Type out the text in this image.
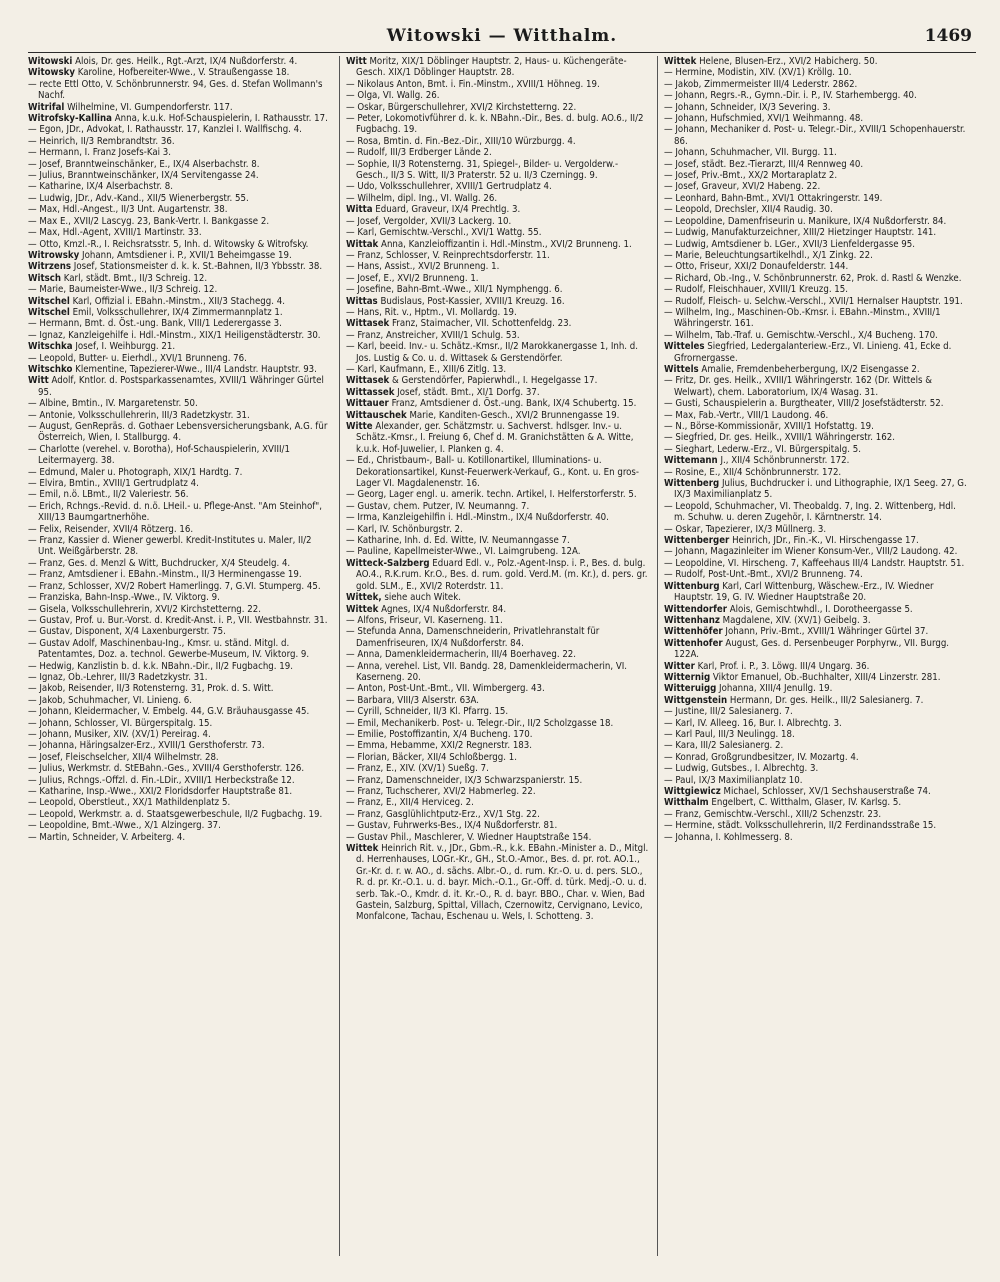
Witowski — Witthalm.	1469

Witowski Alois, Dr. ges. Heilk., Rgt.-Arzt, IX/4 Nußdorferstr. 4.

Witowsky Karoline, Hofbereiter-Wwe., V. Straußengasse 18.

— recte Ettl Otto, V. Schönbrunnerstr. 94, Ges. d. Stefan Wollmann's Nachf.

Witrifal Wilhelmine, VI. Gumpendorferstr. 117.

Witrofsky-Kallina Anna, k.u.k. Hof-Schauspielerin, I. Rathausstr. 17.

— Egon, JDr., Advokat, I. Rathausstr. 17, Kanzlei I. Wallfischg. 4.

— Heinrich, II/3 Rembrandtstr. 36.

— Hermann, I. Franz Josefs-Kai 3.

— Josef, Branntweinschänker, E., IX/4 Alserbachstr. 8.

— Julius, Branntweinschänker, IX/4 Servitengasse 24.

— Katharine, IX/4 Alserbachstr. 8.

— Ludwig, JDr., Adv.-Kand., XII/5 Wienerbergstr. 55.

— Max, Hdl.-Angest., II/3 Unt. Augartenstr. 38.

— Max E., XVII/2 Lascyg. 23, Bank-Vertr. I. Bankgasse 2.

— Max, Hdl.-Agent, XVIII/1 Martinstr. 33.

— Otto, Kmzl.-R., I. Reichsratsstr. 5, Inh. d. Witowsky & Witrofsky.

Witrowsky Johann, Amtsdiener i. P., XVII/1 Beheimgasse 19.

Witrzens Josef, Stationsmeister d. k. k. St.-Bahnen, II/3 Ybbsstr. 38.

Witsch Karl, städt. Bmt., II/3 Schreig. 12.

— Marie, Baumeister-Wwe., II/3 Schreig. 12.

Witschel Karl, Offizial i. EBahn.-Minstm., XII/3 Stachegg. 4.

Witschel Emil, Volksschullehrer, IX/4 Zimmermannplatz 1.

— Hermann, Bmt. d. Öst.-ung. Bank, VIII/1 Lederergasse 3.

— Ignaz, Kanzleigehilfe i. Hdl.-Minstm., XIX/1 Heiligenstädterstr. 30.

Witschka Josef, I. Weihburgg. 21.

— Leopold, Butter- u. Eierhdl., XVI/1 Brunneng. 76.

Witschko Klementine, Tapezierer-Wwe., III/4 Landstr. Hauptstr. 93.

Witt Adolf, Kntlor. d. Postsparkassenamtes, XVIII/1 Währinger Gürtel 95.

— Albine, Bmtin., IV. Margaretenstr. 50.

— Antonie, Volksschullehrerin, III/3 Radetzkystr. 31.

— August, GenRepräs. d. Gothaer Lebensversicherungsbank, A.G. für Österreich, Wien, I. Stallburgg. 4.

— Charlotte (verehel. v. Borotha), Hof-Schauspielerin, XVIII/1 Leitermayerg. 38.

— Edmund, Maler u. Photograph, XIX/1 Hardtg. 7.

— Elvira, Bmtin., XVIII/1 Gertrudplatz 4.

— Emil, n.ö. LBmt., II/2 Valeriestr. 56.

— Erich, Rchngs.-Revid. d. n.ö. LHeil.- u. Pflege-Anst. "Am Steinhof", XIII/13 Baumgartnerhöhe.

— Felix, Reisender, XVII/4 Rötzerg. 16.

— Franz, Kassier d. Wiener gewerbl. Kredit-Institutes u. Maler, II/2 Unt. Weißgärberstr. 28.

— Franz, Ges. d. Menzl & Witt, Buchdrucker, X/4 Steudelg. 4.

— Franz, Amtsdiener i. EBahn.-Minstm., II/3 Herminengasse 19.

— Franz, Schlosser, XV/2 Robert Hamerlingg. 7, G.VI. Stumperg. 45.

— Franziska, Bahn-Insp.-Wwe., IV. Viktorg. 9.

— Gisela, Volksschullehrerin, XVI/2 Kirchstetterng. 22.

— Gustav, Prof. u. Bur.-Vorst. d. Kredit-Anst. i. P., VII. Westbahnstr. 31.

— Gustav, Disponent, X/4 Laxenburgerstr. 75.

— Gustav Adolf, Maschinenbau-Ing., Kmsr. u. ständ. Mitgl. d. Patentamtes, Doz. a. technol. Gewerbe-Museum, IV. Viktorg. 9.

— Hedwig, Kanzlistin b. d. k.k. NBahn.-Dir., II/2 Fugbachg. 19.

— Ignaz, Ob.-Lehrer, III/3 Radetzkystr. 31.

— Jakob, Reisender, II/3 Rotensterng. 31, Prok. d. S. Witt.

— Jakob, Schuhmacher, VI. Linieng. 6.

— Johann, Kleidermacher, V. Embelg. 44, G.V. Bräuhausgasse 45.

— Johann, Schlosser, VI. Bürgerspitalg. 15.

— Johann, Musiker, XIV. (XV/1) Pereirag. 4.

— Johanna, Häringsalzer-Erz., XVIII/1 Gersthoferstr. 73.

— Josef, Fleischselcher, XII/4 Wilhelmstr. 28.

— Julius, Werkmstr. d. StEBahn.-Ges., XVIII/4 Gersthoferstr. 126.

— Julius, Rchngs.-Offzl. d. Fin.-LDir., XVIII/1 Herbeckstraße 12.

— Katharine, Insp.-Wwe., XXI/2 Floridsdorfer Hauptstraße 81.

— Leopold, Oberstleut., XX/1 Mathildenplatz 5.

— Leopold, Werkmstr. a. d. Staatsgewerbeschule, II/2 Fugbachg. 19.

— Leopoldine, Bmt.-Wwe., X/1 Alzingerg. 37.

— Martin, Schneider, V. Arbeiterg. 4.

Witt Moritz, XIX/1 Döblinger Hauptstr. 2, Haus- u. Küchengeräte-Gesch. XIX/1 Döblinger Hauptstr. 28.

— Nikolaus Anton, Bmt. i. Fin.-Minstm., XVIII/1 Höhneg. 19.

— Olga, VI. Wallg. 26.

— Oskar, Bürgerschullehrer, XVI/2 Kirchstetterng. 22.

— Peter, Lokomotivführer d. k. k. NBahn.-Dir., Bes. d. bulg. AO.6., II/2 Fugbachg. 19.

— Rosa, Bmtin. d. Fin.-Bez.-Dir., XIII/10 Würzburgg. 4.

— Rudolf, III/3 Erdberger Lände 2.

— Sophie, II/3 Rotensterng. 31, Spiegel-, Bilder- u. Vergolderw.-Gesch., II/3 S. Witt, II/3 Praterstr. 52 u. II/3 Czerningg. 9.

— Udo, Volksschullehrer, XVIII/1 Gertrudplatz 4.

— Wilhelm, dipl. Ing., VI. Wallg. 26.

Witta Eduard, Graveur, IX/4 Prechtlg. 3.

— Josef, Vergolder, XVII/3 Lackerg. 10.

— Karl, Gemischtw.-Verschl., XVI/1 Wattg. 55.

Wittak Anna, Kanzleioffizantin i. Hdl.-Minstm., XVI/2 Brunneng. 1.

— Franz, Schlosser, V. Reinprechtsdorferstr. 11.

— Hans, Assist., XVI/2 Brunneng. 1.

— Josef, E., XVI/2 Brunneng. 1.

— Josefine, Bahn-Bmt.-Wwe., XII/1 Nymphengg. 6.

Wittas Budislaus, Post-Kassier, XVIII/1 Kreuzg. 16.

— Hans, Rit. v., Hptm., VI. Mollardg. 19.

Wittasek Franz, Staimacher, VII. Schottenfeldg. 23.

— Franz, Anstreicher, XVIII/1 Schulg. 53.

— Karl, beeid. Inv.- u. Schätz.-Kmsr., II/2 Marokkanergasse 1, Inh. d. Jos. Lustig & Co. u. d. Wittasek & Gerstendörfer.

— Karl, Kaufmann, E., XIII/6 Zitlg. 13.

Wittasek & Gerstendörfer, Papierwhdl., I. Hegelgasse 17.

Wittassek Josef, städt. Bmt., XI/1 Dorfg. 37.

Wittauer Franz, Amtsdiener d. Öst.-ung. Bank, IX/4 Schubertg. 15.

Wittauschek Marie, Kanditen-Gesch., XVI/2 Brunnengasse 19.

Witte Alexander, ger. Schätzmstr. u. Sachverst. hdlsger. Inv.- u. Schätz.-Kmsr., I. Freiung 6, Chef d. M. Granichstätten & A. Witte, k.u.k. Hof-Juwelier, I. Planken g. 4.

— Ed., Christbaum-, Ball- u. Kotillonartikel, Illuminations- u. Dekorationsartikel, Kunst-Feuerwerk-Verkauf, G., Kont. u. En gros-Lager VI. Magdalenenstr. 16.

— Georg, Lager engl. u. amerik. techn. Artikel, I. Helferstorferstr. 5.

— Gustav, chem. Putzer, IV. Neumanng. 7.

— Irma, Kanzleigehilfin i. Hdl.-Minstm., IX/4 Nußdorferstr. 40.

— Karl, IV. Schönburgstr. 2.

— Katharine, Inh. d. Ed. Witte, IV. Neumanngasse 7.

— Pauline, Kapellmeister-Wwe., VI. Laimgrubeng. 12A.

Witteck-Salzberg Eduard Edl. v., Polz.-Agent-Insp. i. P., Bes. d. bulg. AO.4., R.K.rum. Kr.O., Bes. d. rum. gold. Verd.M. (m. Kr.), d. pers. gr. gold. SLM., E., XVI/2 Roterdstr. 11.

Wittek, siehe auch Witek.

Wittek Agnes, IX/4 Nußdorferstr. 84.

— Alfons, Friseur, VI. Kaserneng. 11.

— Stefunda Anna, Damenschneiderin, Privatlehranstalt für Damenfriseuren, IX/4 Nußdorferstr. 84.

— Anna, Damenkleidermacherin, III/4 Boerhaveg. 22.

— Anna, verehel. List, VII. Bandg. 28, Damenkleidermacherin, VI. Kaserneng. 20.

— Anton, Post-Unt.-Bmt., VII. Wimbergerg. 43.

— Barbara, VIII/3 Alserstr. 63A.

— Cyrill, Schneider, II/3 Kl. Pfarrg. 15.

— Emil, Mechanikerb. Post- u. Telegr.-Dir., II/2 Scholzgasse 18.

— Emilie, Postoffizantin, X/4 Bucheng. 170.

— Emma, Hebamme, XXI/2 Regnerstr. 183.

— Florian, Bäcker, XII/4 Schloßbergg. 1.

— Franz, E., XIV. (XV/1) Sueßg. 7.

— Franz, Damenschneider, IX/3 Schwarzspanierstr. 15.

— Franz, Tuchscherer, XVI/2 Habmerleg. 22.

— Franz, E., XII/4 Herviceg. 2.

— Franz, Gasglühlichtputz-Erz., XV/1 Stg. 22.

— Gustav, Fuhrwerks-Bes., IX/4 Nußdorferstr. 81.

— Gustav Phil., Maschlerer, V. Wiedner Hauptstraße 154.

Wittek Heinrich Rit. v., JDr., Gbm.-R., k.k. EBahn.-Minister a. D., Mitgl. d. Herrenhauses, LOGr.-Kr., GH., St.O.-Amor., Bes. d. pr. rot. AO.1., Gr.-Kr. d. r. w. AO., d. sächs. Albr.-O., d. rum. Kr.-O. u. d. pers. SLO., R. d. pr. Kr.-O.1. u. d. bayr. Mich.-O.1., Gr.-Off. d. türk. Medj.-O. u. d. serb. Tak.-O., Kmdr. d. it. Kr.-O., R. d. bayr. BBO., Char. v. Wien, Bad Gastein, Salzburg, Spittal, Villach, Czernowitz, Cervignano, Levico, Monfalcone, Tachau, Eschenau u. Wels, I. Schotteng. 3.

Wittek Helene, Blusen-Erz., XVI/2 Habicherg. 50.

— Hermine, Modistin, XIV. (XV/1) Kröllg. 10.

— Jakob, Zimmermeister III/4 Lederstr. 2862.

— Johann, Regrs.-R., Gymn.-Dir. i. P., IV. Starhembergg. 40.

— Johann, Schneider, IX/3 Severing. 3.

— Johann, Hufschmied, XVI/1 Weihmanng. 48.

— Johann, Mechaniker d. Post- u. Telegr.-Dir., XVIII/1 Schopenhauerstr. 86.

— Johann, Schuhmacher, VII. Burgg. 11.

— Josef, städt. Bez.-Tierarzt, III/4 Rennweg 40.

— Josef, Priv.-Bmt., XX/2 Mortaraplatz 2.

— Josef, Graveur, XVI/2 Habeng. 22.

— Leonhard, Bahn-Bmt., XVI/1 Ottakringerstr. 149.

— Leopold, Drechsler, XII/4 Raudig. 30.

— Leopoldine, Damenfriseurin u. Manikure, IX/4 Nußdorferstr. 84.

— Ludwig, Manufakturzeichner, XIII/2 Hietzinger Hauptstr. 141.

— Ludwig, Amtsdiener b. LGer., XVII/3 Lienfeldergasse 95.

— Marie, Beleuchtungsartikelhdl., X/1 Zinkg. 22.

— Otto, Friseur, XXI/2 Donaufelderstr. 144.

— Richard, Ob.-Ing., V. Schönbrunnerstr. 62, Prok. d. Rastl & Wenzke.

— Rudolf, Fleischhauer, XVIII/1 Kreuzg. 15.

— Rudolf, Fleisch- u. Selchw.-Verschl., XVII/1 Hernalser Hauptstr. 191.

— Wilhelm, Ing., Maschinen-Ob.-Kmsr. i. EBahn.-Minstm., XVIII/1 Währingerstr. 161.

— Wilhelm, Tab.-Traf. u. Gemischtw.-Verschl., X/4 Bucheng. 170.

Witteles Siegfried, Ledergalanteriew.-Erz., VI. Linieng. 41, Ecke d. Gfrornergasse.

Wittels Amalie, Fremdenbeherbergung, IX/2 Eisengasse 2.

— Fritz, Dr. ges. Heilk., XVIII/1 Währingerstr. 162 (Dr. Wittels & Welwart), chem. Laboratorium, IX/4 Wasag. 31.

— Gusti, Schauspielerin a. Burgtheater, VIII/2 Josefstädterstr. 52.

— Max, Fab.-Vertr., VIII/1 Laudong. 46.

— N., Börse-Kommissionär, XVIII/1 Hofstattg. 19.

— Siegfried, Dr. ges. Heilk., XVIII/1 Währingerstr. 162.

— Sieghart, Lederw.-Erz., VI. Bürgerspitalg. 5.

Wittemann J., XII/4 Schönbrunnerstr. 172.

— Rosine, E., XII/4 Schönbrunnerstr. 172.

Wittenberg Julius, Buchdrucker i. und Lithographie, IX/1 Seeg. 27, G. IX/3 Maximilianplatz 5.

— Leopold, Schuhmacher, VI. Theobaldg. 7, Ing. 2. Wittenberg, Hdl. m. Schuhw. u. deren Zugehör, I. Kärntnerstr. 14.

— Oskar, Tapezierer, IX/3 Müllnerg. 3.

Wittenberger Heinrich, JDr., Fin.-K., VI. Hirschengasse 17.

— Johann, Magazinleiter im Wiener Konsum-Ver., VIII/2 Laudong. 42.

— Leopoldine, VI. Hirscheng. 7, Kaffeehaus III/4 Landstr. Hauptstr. 51.

— Rudolf, Post-Unt.-Bmt., XVI/2 Brunneng. 74.

Wittenburg Karl, Carl Wittenburg, Wäschew.-Erz., IV. Wiedner Hauptstr. 19, G. IV. Wiedner Hauptstraße 20.

Wittendorfer Alois, Gemischtwhdl., I. Dorotheergasse 5.

Wittenhanz Magdalene, XIV. (XV/1) Geibelg. 3.

Wittenhöfer Johann, Priv.-Bmt., XVIII/1 Währinger Gürtel 37.

Wittenhofer August, Ges. d. Persenbeuger Porphyrw., VII. Burgg. 122A.

Witter Karl, Prof. i. P., 3. Löwg. III/4 Ungarg. 36.

Witternig Viktor Emanuel, Ob.-Buchhalter, XIII/4 Linzerstr. 281.

Witteruigg Johanna, XIII/4 Jenullg. 19.

Wittgenstein Hermann, Dr. ges. Heilk., III/2 Salesianerg. 7.

— Justine, III/2 Salesianerg. 7.

— Karl, IV. Alleeg. 16, Bur. I. Albrechtg. 3.

— Karl Paul, III/3 Neulingg. 18.

— Kara, III/2 Salesianerg. 2.

— Konrad, Großgrundbesitzer, IV. Mozartg. 4.

— Ludwig, Gutsbes., I. Albrechtg. 3.

— Paul, IX/3 Maximilianplatz 10.

Wittgiewicz Michael, Schlosser, XV/1 Sechshauserstraße 74.

Witthalm Engelbert, C. Witthalm, Glaser, IV. Karlsg. 5.

— Franz, Gemischtw.-Verschl., XIII/2 Schenzstr. 23.

— Hermine, städt. Volksschullehrerin, II/2 Ferdinandsstraße 15.

— Johanna, I. Kohlmesserg. 8.
